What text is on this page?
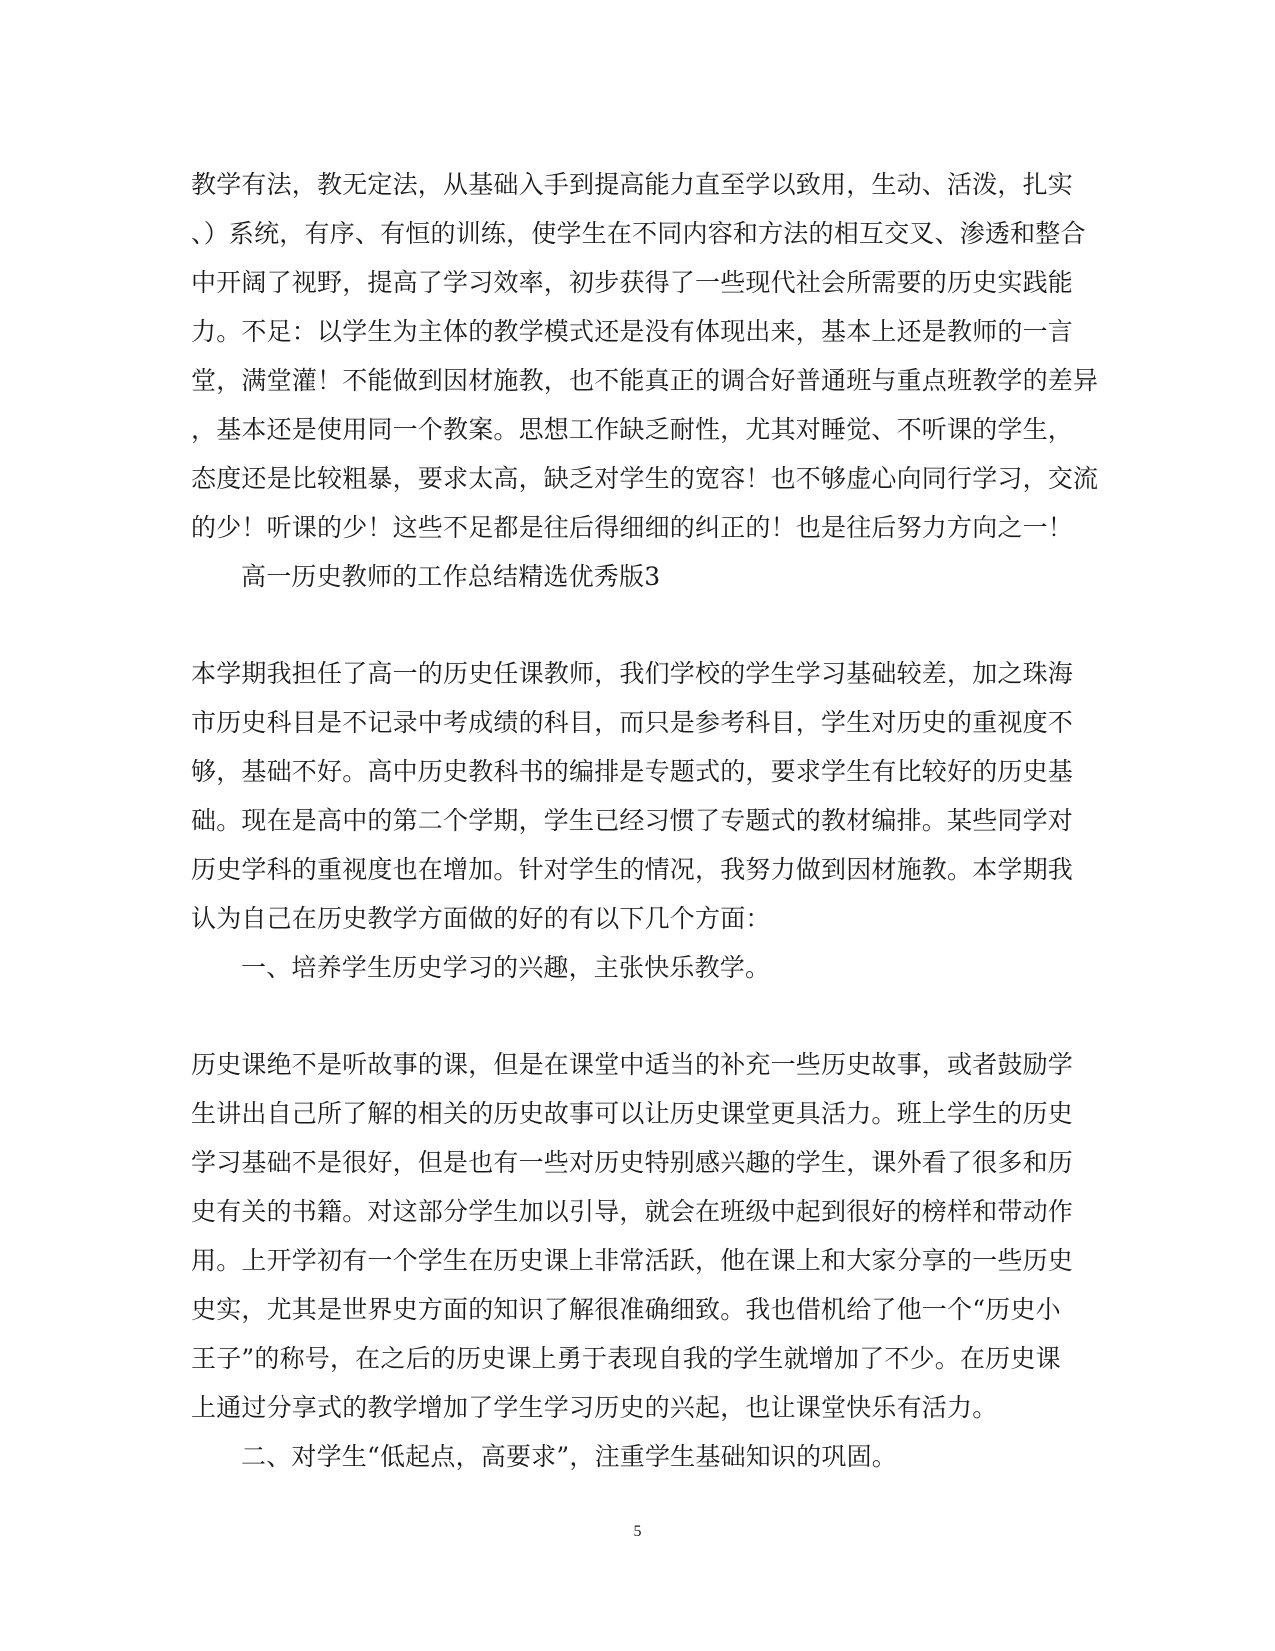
教学有法，教无定法，从基础入手到提高能力直至学以致用，生动、活泼，扎实
、）系统，有序、有恒的训练，使学生在不同内容和方法的相互交叉、渗透和整合
中开阔了视野，提高了学习效率，初步获得了一些现代社会所需要的历史实践能
力。不足：以学生为主体的教学模式还是没有体现出来，基本上还是教师的一言
堂，满堂灌！不能做到因材施教，也不能真正的调合好普通班与重点班教学的差异
，基本还是使用同一个教案。思想工作缺乏耐性，尤其对睡觉、不听课的学生，
态度还是比较粗暴，要求太高，缺乏对学生的宽容！也不够虚心向同行学习，交流
的少！听课的少！这些不足都是往后得细细的纠正的！也是往后努力方向之一！
高一历史教师的工作总结精选优秀版3
本学期我担任了高一的历史任课教师，我们学校的学生学习基础较差，加之珠海
市历史科目是不记录中考成绩的科目，而只是参考科目，学生对历史的重视度不
够，基础不好。高中历史教科书的编排是专题式的，要求学生有比较好的历史基
础。现在是高中的第二个学期，学生已经习惯了专题式的教材编排。某些同学对
历史学科的重视度也在增加。针对学生的情况，我努力做到因材施教。本学期我
认为自己在历史教学方面做的好的有以下几个方面：
一、培养学生历史学习的兴趣，主张快乐教学。
历史课绝不是听故事的课，但是在课堂中适当的补充一些历史故事，或者鼓励学
生讲出自己所了解的相关的历史故事可以让历史课堂更具活力。班上学生的历史
学习基础不是很好，但是也有一些对历史特别感兴趣的学生，课外看了很多和历
史有关的书籍。对这部分学生加以引导，就会在班级中起到很好的榜样和带动作
用。上开学初有一个学生在历史课上非常活跃，他在课上和大家分享的一些历史
史实，尤其是世界史方面的知识了解很准确细致。我也借机给了他一个“历史小
王子”的称号，在之后的历史课上勇于表现自我的学生就增加了不少。在历史课
上通过分享式的教学增加了学生学习历史的兴起，也让课堂快乐有活力。
二、对学生“低起点，高要求”，注重学生基础知识的巩固。
5
